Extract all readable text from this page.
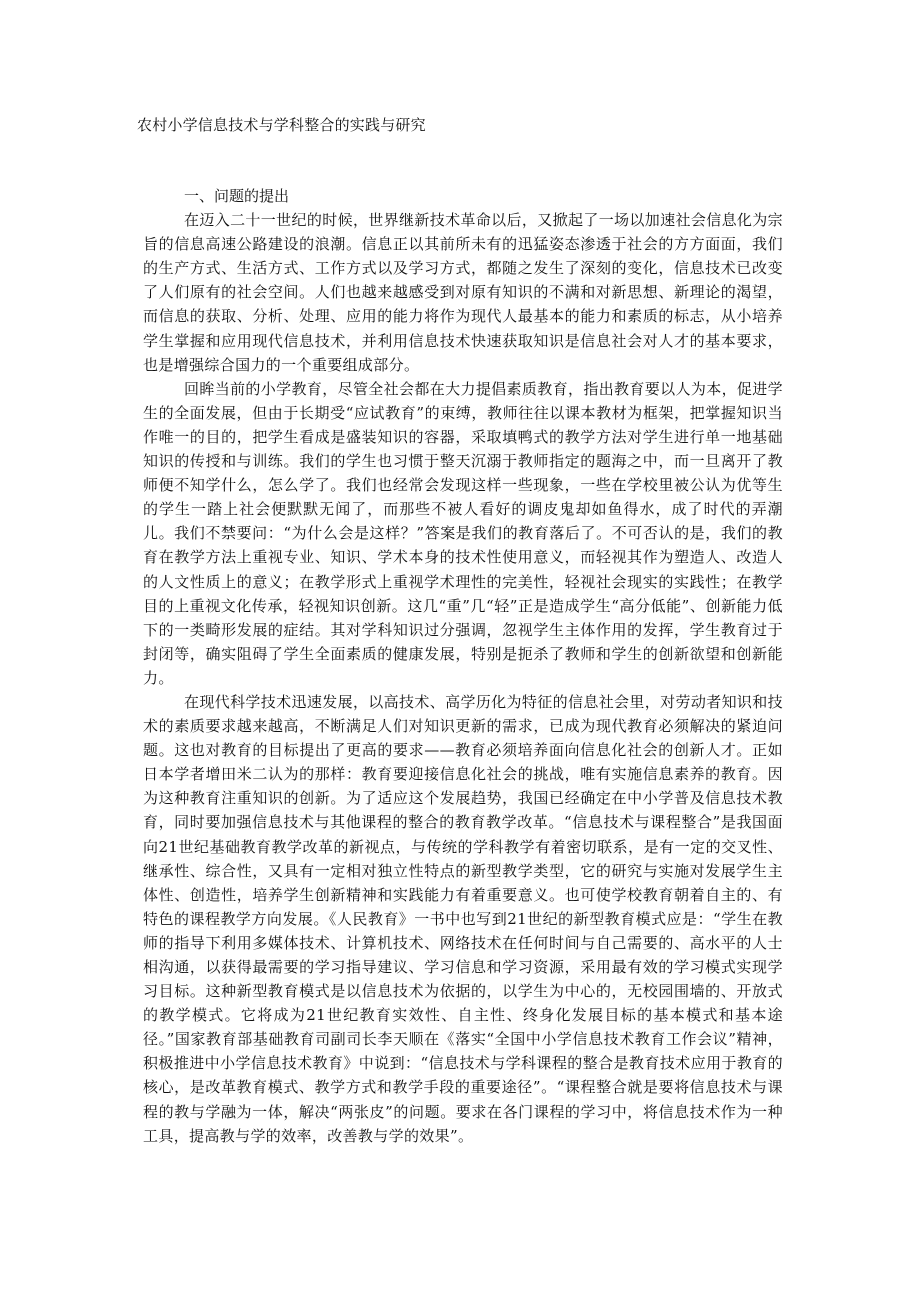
农村小学信息技术与学科整合的实践与研究
一、问题的提出

在迈入二十一世纪的时候，世界继新技术革命以后，又掀起了一场以加速社会信息化为宗旨的信息高速公路建设的浪潮。信息正以其前所未有的迅猛姿态渗透于社会的方方面面，我们的生产方式、生活方式、工作方式以及学习方式，都随之发生了深刻的变化，信息技术已改变了人们原有的社会空间。人们也越来越感受到对原有知识的不满和对新思想、新理论的渴望，而信息的获取、分析、处理、应用的能力将作为现代人最基本的能力和素质的标志，从小培养学生掌握和应用现代信息技术，并利用信息技术快速获取知识是信息社会对人才的基本要求，也是增强综合国力的一个重要组成部分。

回眸当前的小学教育，尽管全社会都在大力提倡素质教育，指出教育要以人为本，促进学生的全面发展，但由于长期受“应试教育”的束缚，教师往往以课本教材为框架，把掌握知识当作唯一的目的，把学生看成是盛装知识的容器，采取填鸭式的教学方法对学生进行单一地基础知识的传授和与训练。我们的学生也习惯于整天沉溺于教师指定的题海之中，而一旦离开了教师便不知学什么，怎么学了。我们也经常会发现这样一些现象，一些在学校里被公认为优等生的学生一踏上社会便默默无闻了，而那些不被人看好的调皮鬼却如鱼得水，成了时代的弄潮儿。我们不禁要问：“为什么会是这样？”答案是我们的教育落后了。不可否认的是，我们的教育在教学方法上重视专业、知识、学术本身的技术性使用意义，而轻视其作为塑造人、改造人的人文性质上的意义；在教学形式上重视学术理性的完美性，轻视社会现实的实践性；在教学目的上重视文化传承，轻视知识创新。这几“重”几“轻”正是造成学生“高分低能”、创新能力低下的一类畸形发展的症结。其对学科知识过分强调，忽视学生主体作用的发挥，学生教育过于封闭等，确实阻碍了学生全面素质的健康发展，特别是扼杀了教师和学生的创新欲望和创新能力。

在现代科学技术迅速发展，以高技术、高学历化为特征的信息社会里，对劳动者知识和技术的素质要求越来越高，不断满足人们对知识更新的需求，已成为现代教育必须解决的紧迫问题。这也对教育的目标提出了更高的要求——教育必须培养面向信息化社会的创新人才。正如日本学者增田米二认为的那样：教育要迎接信息化社会的挑战，唯有实施信息素养的教育。因为这种教育注重知识的创新。为了适应这个发展趋势，我国已经确定在中小学普及信息技术教育，同时要加强信息技术与其他课程的整合的教育教学改革。“信息技术与课程整合”是我国面向21世纪基础教育教学改革的新视点，与传统的学科教学有着密切联系，是有一定的交叉性、继承性、综合性，又具有一定相对独立性特点的新型教学类型，它的研究与实施对发展学生主体性、创造性，培养学生创新精神和实践能力有着重要意义。也可使学校教育朝着自主的、有特色的课程教学方向发展。《人民教育》一书中也写到21世纪的新型教育模式应是：“学生在教师的指导下利用多媒体技术、计算机技术、网络技术在任何时间与自己需要的、高水平的人士相沟通，以获得最需要的学习指导建议、学习信息和学习资源，采用最有效的学习模式实现学习目标。这种新型教育模式是以信息技术为依据的，以学生为中心的，无校园围墙的、开放式的教学模式。它将成为21世纪教育实效性、自主性、终身化发展目标的基本模式和基本途径。”国家教育部基础教育司副司长李天顺在《落实“全国中小学信息技术教育工作会议”精神，积极推进中小学信息技术教育》中说到：“信息技术与学科课程的整合是教育技术应用于教育的核心，是改革教育模式、教学方式和教学手段的重要途径”。“课程整合就是要将信息技术与课程的教与学融为一体，解决“两张皮”的问题。要求在各门课程的学习中，将信息技术作为一种工具，提高教与学的效率，改善教与学的效果”。
